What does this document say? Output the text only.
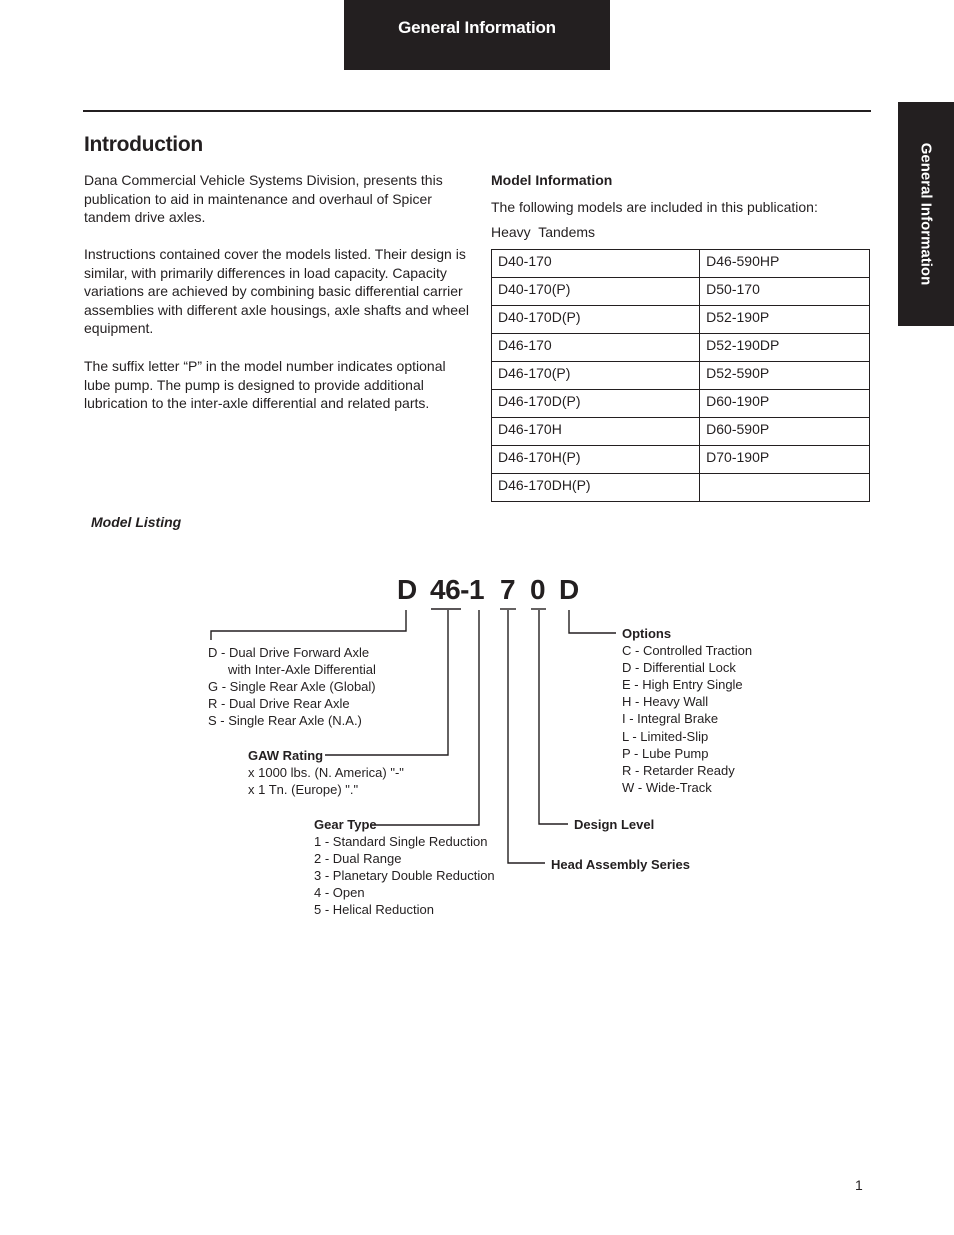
General Information
General Information
Introduction
Dana Commercial Vehicle Systems Division, presents this publication to aid in maintenance and overhaul of Spicer tandem drive axles.
Instructions contained cover the models listed. Their design is similar, with primarily differences in load capacity. Capacity variations are achieved by combining basic differential carrier assemblies with different axle housings, axle shafts and wheel equipment.
The suffix letter “P” in the model number indicates optional lube pump. The pump is designed to provide additional lubrication to the inter-axle differential and related parts.
Model Information
The following models are included in this publication:
Heavy  Tandems
D40-170	D46-590HP
D40-170(P)	D50-170
D40-170D(P)	D52-190P
D46-170	D52-190DP
D46-170(P)	D52-590P
D46-170D(P)	D60-190P
D46-170H	D60-590P
D46-170H(P)	D70-190P
D46-170DH(P)	
Model Listing
D 46-1 7 0 D
D - Dual Drive Forward Axle
with Inter-Axle Differential
G - Single Rear Axle (Global)
R - Dual Drive Rear Axle
S - Single Rear Axle (N.A.)
GAW Rating
x 1000 lbs. (N. America) "-"
x 1 Tn. (Europe) "."
Gear Type
1 - Standard Single Reduction
2 - Dual Range
3 - Planetary Double Reduction
4 - Open
5 - Helical Reduction
Design Level
Head Assembly Series
Options
C - Controlled Traction
D - Differential Lock
E - High Entry Single
H - Heavy Wall
I - Integral Brake
L - Limited-Slip
P - Lube Pump
R - Retarder Ready
W - Wide-Track
1
